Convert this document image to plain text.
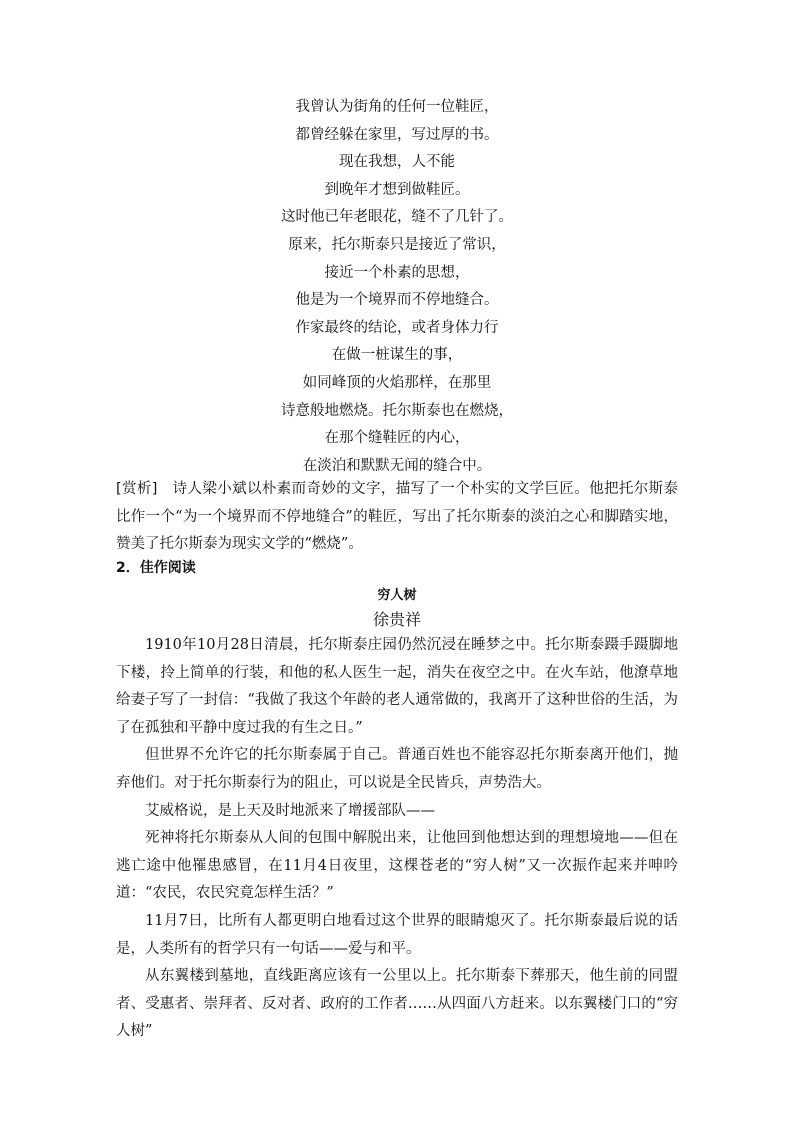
我曾认为街角的任何一位鞋匠，
都曾经躲在家里，写过厚的书。
现在我想，人不能
到晚年才想到做鞋匠。
这时他已年老眼花，缝不了几针了。
原来，托尔斯泰只是接近了常识，
接近一个朴素的思想，
他是为一个境界而不停地缝合。
作家最终的结论，或者身体力行
在做一桩谋生的事，
如同峰顶的火焰那样，在那里
诗意般地燃烧。托尔斯泰也在燃烧，
在那个缝鞋匠的内心，
在淡泊和默默无闻的缝合中。
[赏析]　诗人梁小斌以朴素而奇妙的文字，描写了一个朴实的文学巨匠。他把托尔斯泰比作一个“为一个境界而不停地缝合”的鞋匠，写出了托尔斯泰的淡泊之心和脚踏实地，赞美了托尔斯泰为现实文学的“燃烧”。
2．佳作阅读
穷人树
徐贵祥

1910年10月28日清晨，托尔斯泰庄园仍然沉浸在睡梦之中。托尔斯泰蹑手蹑脚地下楼，拎上简单的行装，和他的私人医生一起，消失在夜空之中。在火车站，他潦草地给妻子写了一封信：“我做了我这个年龄的老人通常做的，我离开了这种世俗的生活，为了在孤独和平静中度过我的有生之日。”

但世界不允许它的托尔斯泰属于自己。普通百姓也不能容忍托尔斯泰离开他们，抛弃他们。对于托尔斯泰行为的阻止，可以说是全民皆兵，声势浩大。

艾威格说，是上天及时地派来了增援部队——

死神将托尔斯泰从人间的包围中解脱出来，让他回到他想达到的理想境地——但在逃亡途中他罹患感冒，在11月4日夜里，这棵苍老的“穷人树”又一次振作起来并呻吟道：“农民，农民究竟怎样生活？”

11月7日，比所有人都更明白地看过这个世界的眼睛熄灭了。托尔斯泰最后说的话是，人类所有的哲学只有一句话——爱与和平。

从东翼楼到墓地，直线距离应该有一公里以上。托尔斯泰下葬那天，他生前的同盟者、受惠者、崇拜者、反对者、政府的工作者……从四面八方赶来。以东翼楼门口的“穷人树”
